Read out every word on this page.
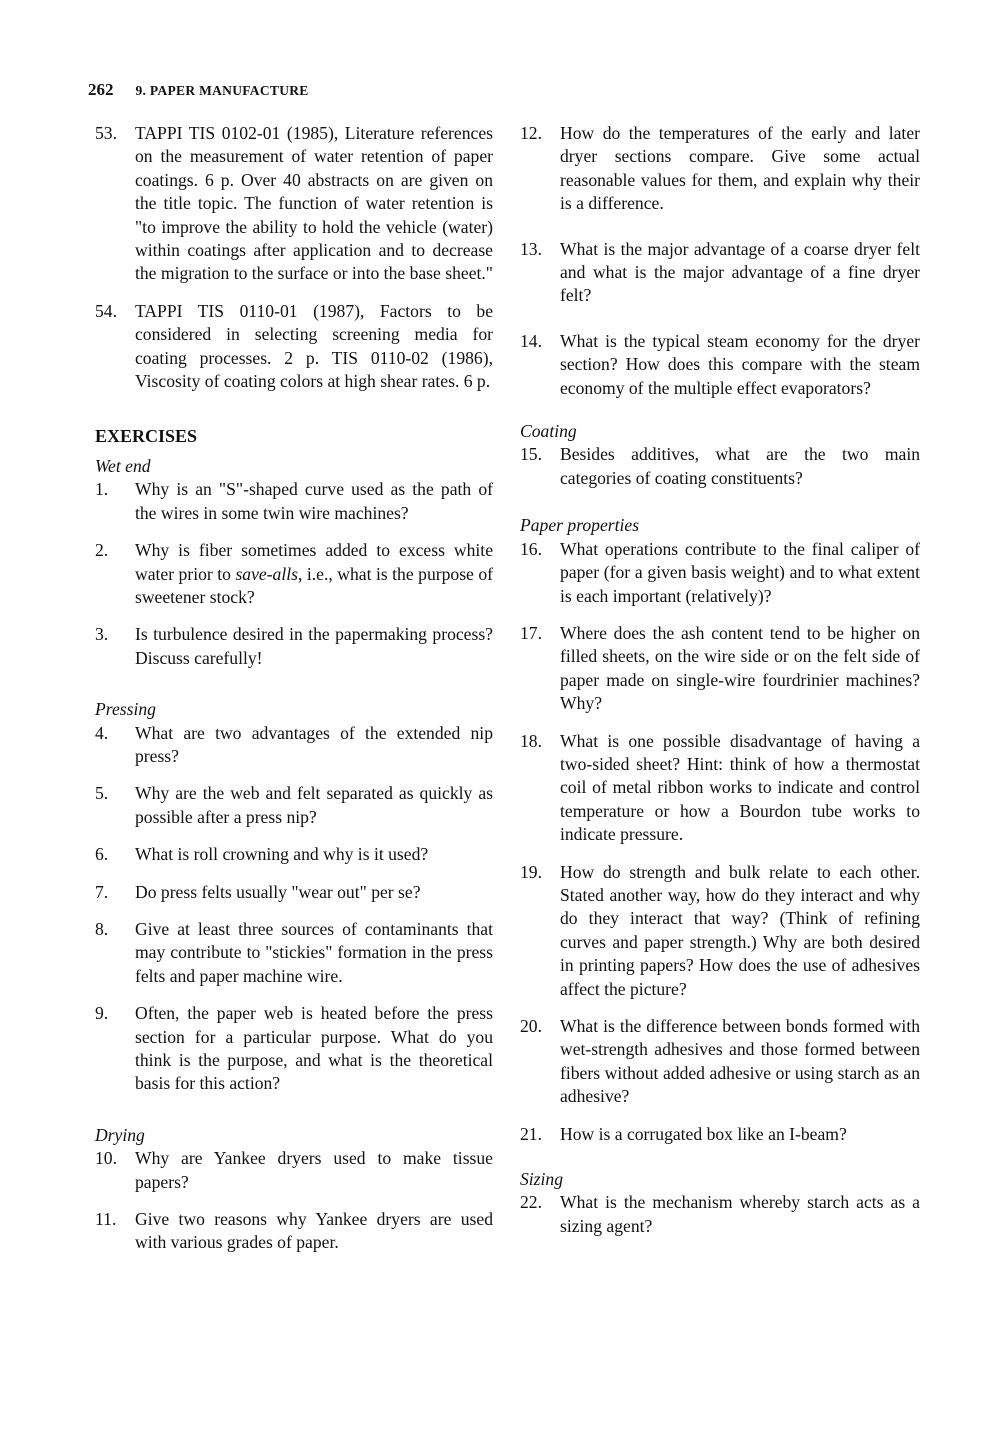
262 9. PAPER MANUFACTURE
53.	TAPPI TIS 0102-01 (1985), Literature references on the measurement of water retention of paper coatings. 6 p. Over 40 abstracts on are given on the title topic. The function of water retention is "to improve the ability to hold the vehicle (water) within coatings after application and to decrease the migration to the surface or into the base sheet."
54.	TAPPI TIS 0110-01 (1987), Factors to be considered in selecting screening media for coating processes. 2 p. TIS 0110-02 (1986), Viscosity of coating colors at high shear rates. 6 p.
EXERCISES
Wet end
1.	Why is an "S"-shaped curve used as the path of the wires in some twin wire machines?
2.	Why is fiber sometimes added to excess white water prior to save-alls, i.e., what is the purpose of sweetener stock?
3.	Is turbulence desired in the papermaking process? Discuss carefully!
Pressing
4.	What are two advantages of the extended nip press?
5.	Why are the web and felt separated as quickly as possible after a press nip?
6.	What is roll crowning and why is it used?
7.	Do press felts usually "wear out" per se?
8.	Give at least three sources of contaminants that may contribute to "stickies" formation in the press felts and paper machine wire.
9.	Often, the paper web is heated before the press section for a particular purpose. What do you think is the purpose, and what is the theoretical basis for this action?
Drying
10.	Why are Yankee dryers used to make tissue papers?
11.	Give two reasons why Yankee dryers are used with various grades of paper.
12.	How do the temperatures of the early and later dryer sections compare. Give some actual reasonable values for them, and explain why their is a difference.
13.	What is the major advantage of a coarse dryer felt and what is the major advantage of a fine dryer felt?
14.	What is the typical steam economy for the dryer section? How does this compare with the steam economy of the multiple effect evaporators?
Coating
15.	Besides additives, what are the two main categories of coating constituents?
Paper properties
16.	What operations contribute to the final caliper of paper (for a given basis weight) and to what extent is each important (relatively)?
17.	Where does the ash content tend to be higher on filled sheets, on the wire side or on the felt side of paper made on single-wire fourdrinier machines? Why?
18.	What is one possible disadvantage of having a two-sided sheet? Hint: think of how a thermostat coil of metal ribbon works to indicate and control temperature or how a Bourdon tube works to indicate pressure.
19.	How do strength and bulk relate to each other. Stated another way, how do they interact and why do they interact that way? (Think of refining curves and paper strength.) Why are both desired in printing papers? How does the use of adhesives affect the picture?
20.	What is the difference between bonds formed with wet-strength adhesives and those formed between fibers without added adhesive or using starch as an adhesive?
21.	How is a corrugated box like an I-beam?
Sizing
22.	What is the mechanism whereby starch acts as a sizing agent?
